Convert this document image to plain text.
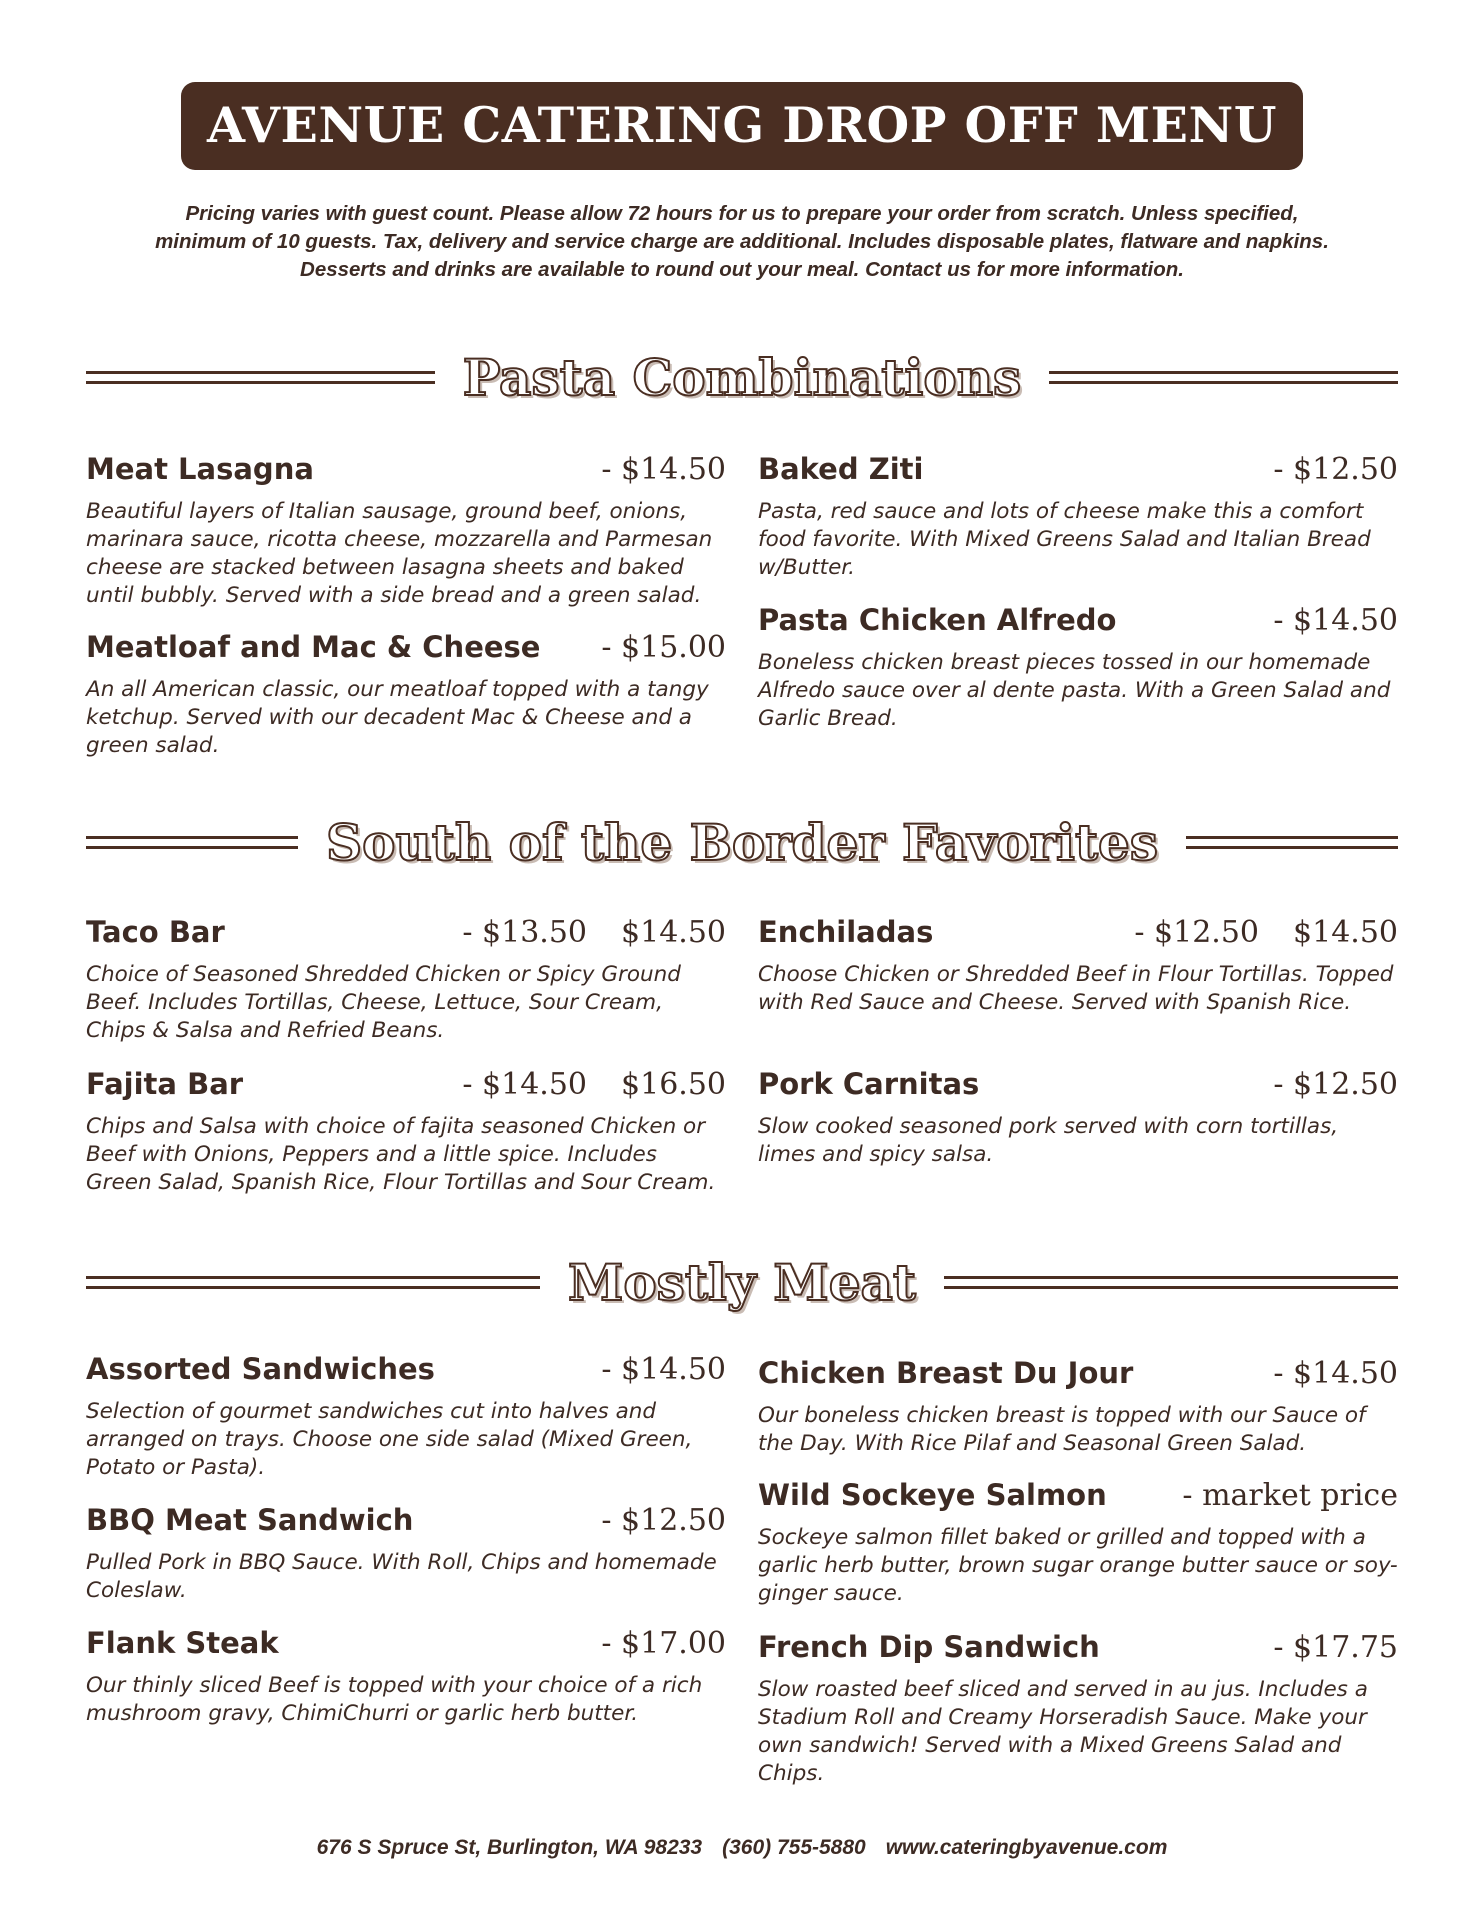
AVENUE CATERING DROP OFF MENU
Pricing varies with guest count. Please allow 72 hours for us to prepare your order from scratch. Unless specified,
minimum of 10 guests. Tax, delivery and service charge are additional. Includes disposable plates, flatware and napkins.
Desserts and drinks are available to round out your meal. Contact us for more information.
Pasta Combinations
Meat Lasagna	- $14.50
Beautiful layers of Italian sausage, ground beef, onions, marinara sauce, ricotta cheese, mozzarella and Parmesan cheese are stacked between lasagna sheets and baked until bubbly. Served with a side bread and a green salad.
Baked Ziti	- $12.50
Pasta, red sauce and lots of cheese make this a comfort food favorite. With Mixed Greens Salad and Italian Bread w/Butter.
Meatloaf and Mac & Cheese - $15.00
An all American classic, our meatloaf topped with a tangy ketchup. Served with our decadent Mac & Cheese and a green salad.
Pasta Chicken Alfredo	- $14.50
Boneless chicken breast pieces tossed in our homemade Alfredo sauce over al dente pasta. With a Green Salad and Garlic Bread.
South of the Border Favorites
Taco Bar	- $13.50 $14.50
Choice of Seasoned Shredded Chicken or Spicy Ground Beef. Includes Tortillas, Cheese, Lettuce, Sour Cream, Chips & Salsa and Refried Beans.
Enchiladas	- $12.50 $14.50
Choose Chicken or Shredded Beef in Flour Tortillas. Topped with Red Sauce and Cheese. Served with Spanish Rice.
Fajita Bar	- $14.50 $16.50
Chips and Salsa with choice of fajita seasoned Chicken or Beef with Onions, Peppers and a little spice. Includes Green Salad, Spanish Rice, Flour Tortillas and Sour Cream.
Pork Carnitas	- $12.50
Slow cooked seasoned pork served with corn tortillas, limes and spicy salsa.
Mostly Meat
Assorted Sandwiches	- $14.50
Selection of gourmet sandwiches cut into halves and arranged on trays. Choose one side salad (Mixed Green, Potato or Pasta).
Chicken Breast Du Jour	- $14.50
Our boneless chicken breast is topped with our Sauce of the Day. With Rice Pilaf and Seasonal Green Salad.
BBQ Meat Sandwich	- $12.50
Pulled Pork in BBQ Sauce. With Roll, Chips and homemade Coleslaw.
Wild Sockeye Salmon	- market price
Sockeye salmon fillet baked or grilled and topped with a garlic herb butter, brown sugar orange butter sauce or soy-ginger sauce.
Flank Steak	- $17.00
Our thinly sliced Beef is topped with your choice of a rich mushroom gravy, ChimiChurri or garlic herb butter.
French Dip Sandwich	- $17.75
Slow roasted beef sliced and served in au jus. Includes a Stadium Roll and Creamy Horseradish Sauce. Make your own sandwich! Served with a Mixed Greens Salad and Chips.
676 S Spruce St, Burlington, WA 98233 (360) 755-5880 www.cateringbyavenue.com
